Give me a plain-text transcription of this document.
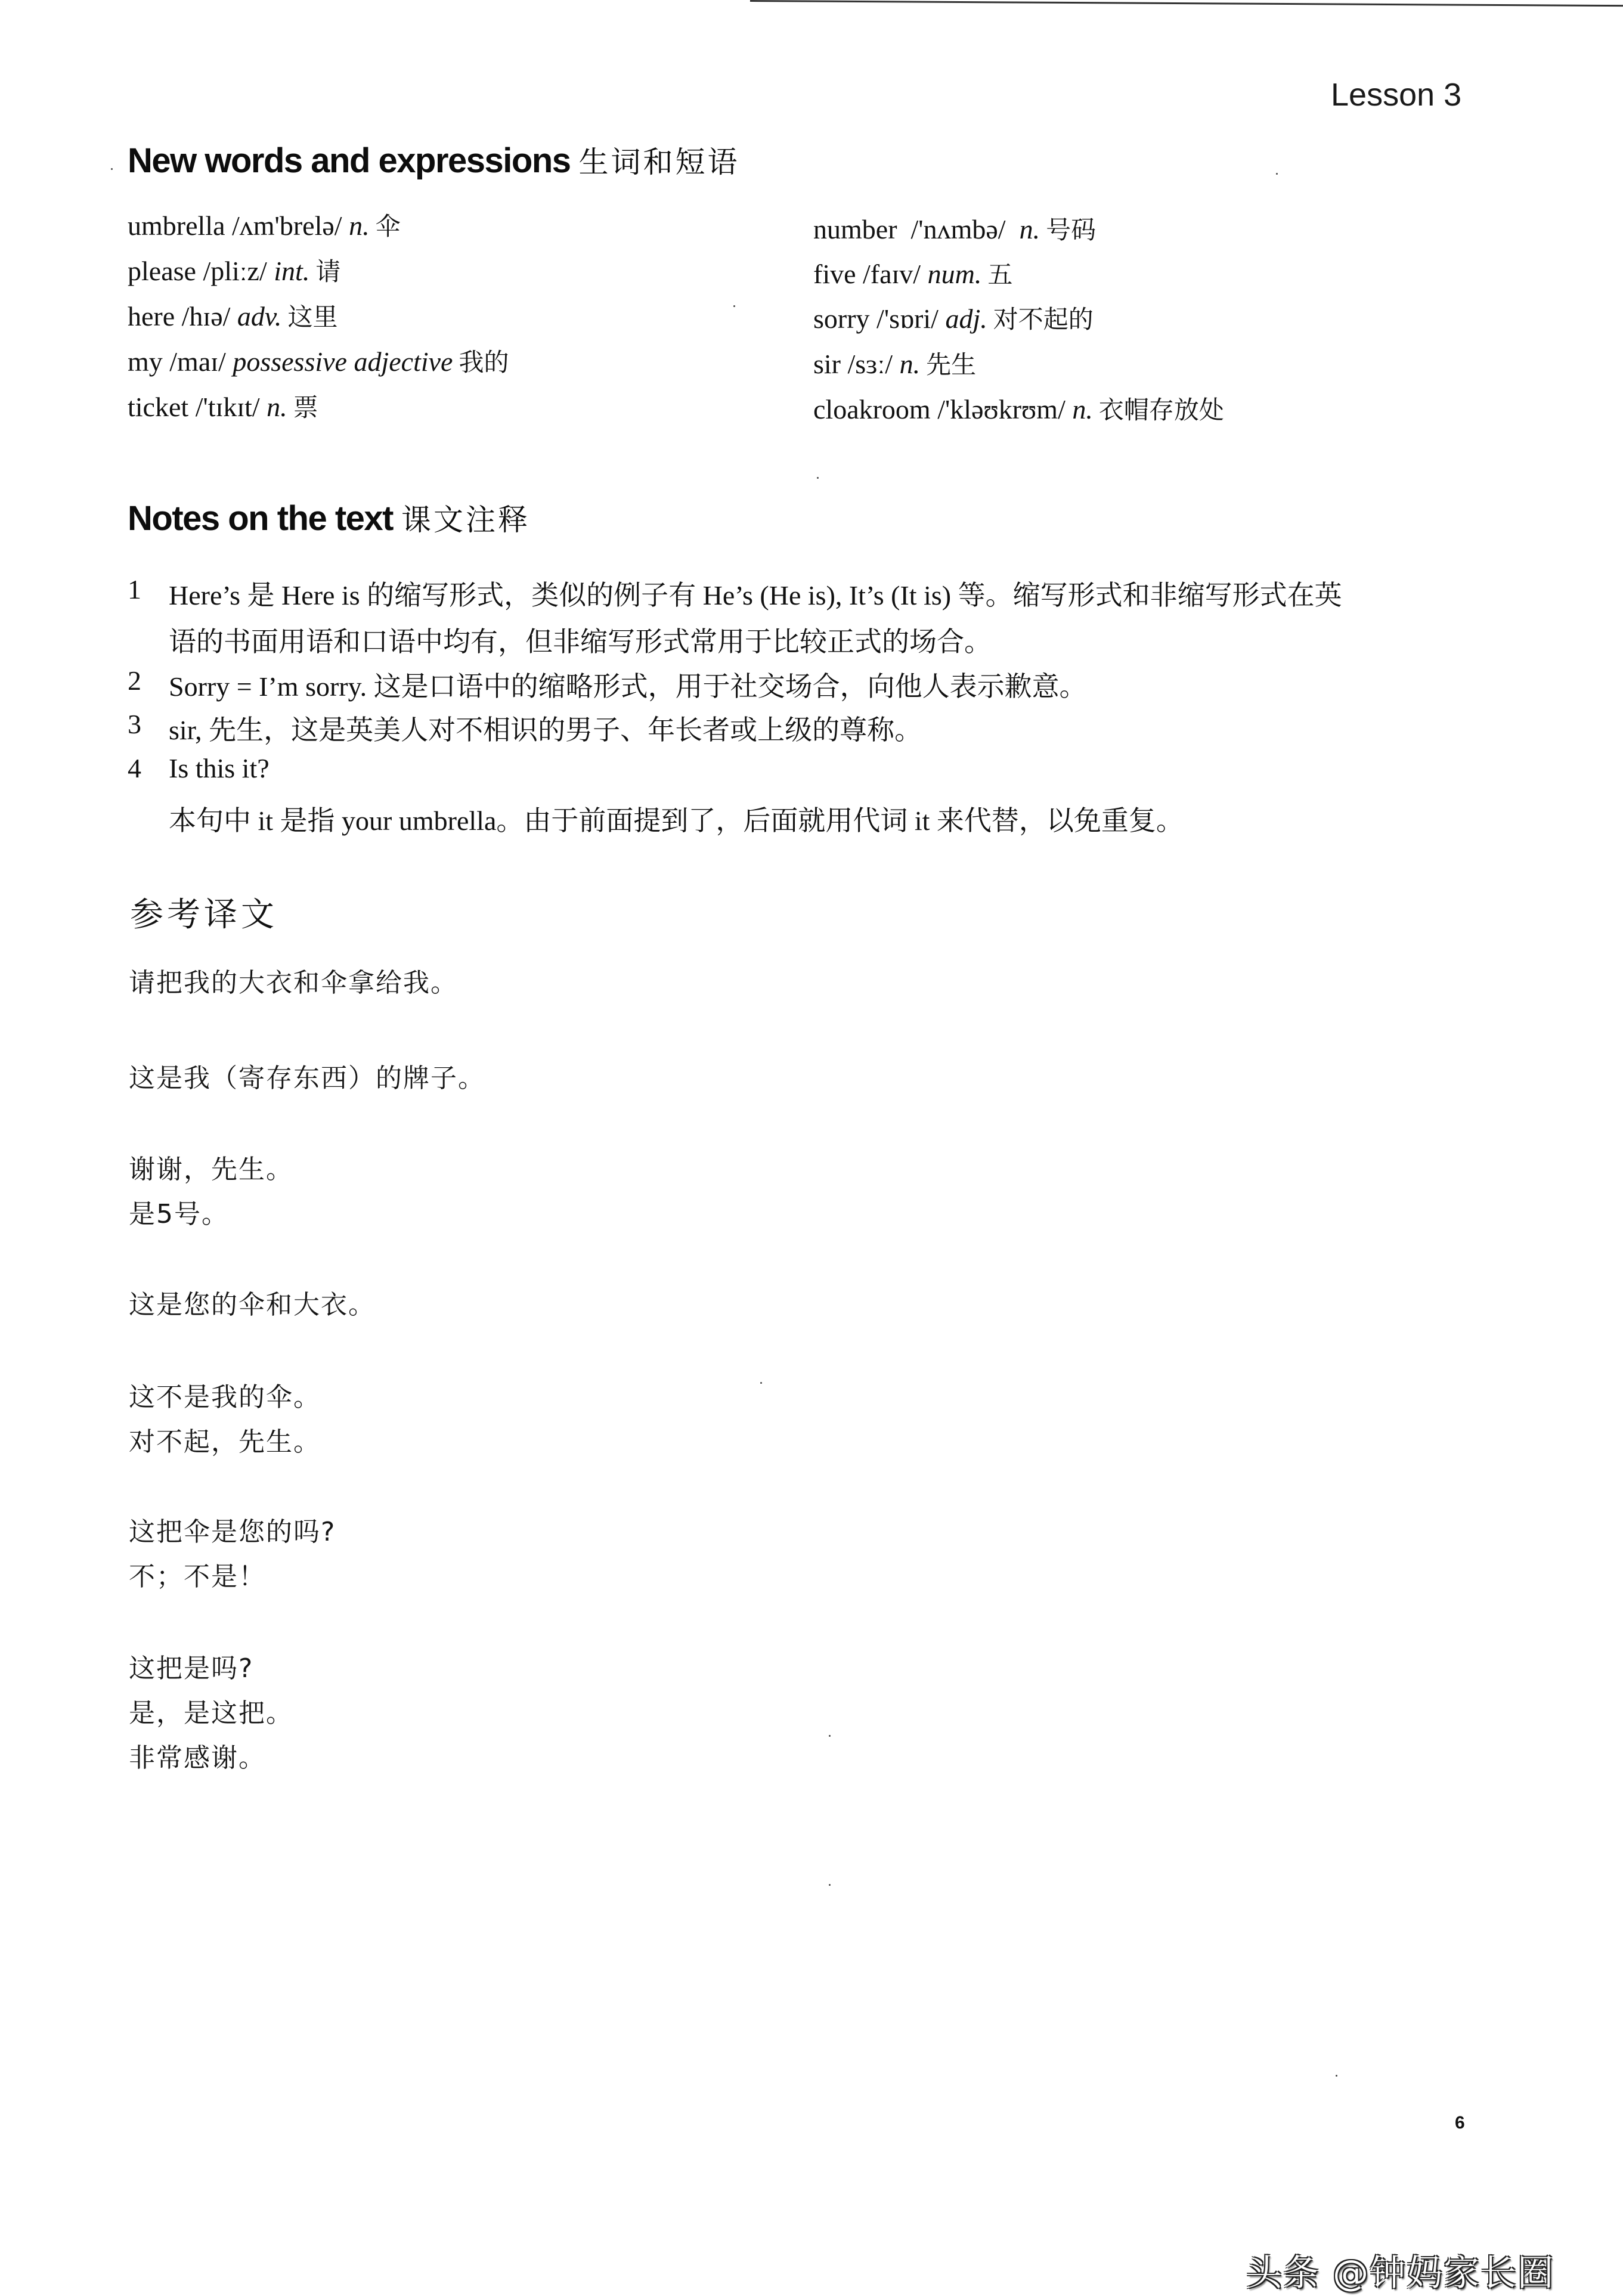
Lesson 3
New words and expressions 生词和短语
umbrella /ʌm'brelə/ n. 伞
please /pliːz/ int. 请
here /hɪə/ adv. 这里
my /maɪ/ possessive adjective 我的
ticket /'tɪkɪt/ n. 票
number /'nʌmbə/ n. 号码
five /faɪv/ num. 五
sorry /'sɒri/ adj. 对不起的
sir /sɜː/ n. 先生
cloakroom /'kləʊkrʊm/ n. 衣帽存放处
Notes on the text 课文注释
1 Here’s 是 Here is 的缩写形式，类似的例子有 He’s (He is), It’s (It is) 等。缩写形式和非缩写形式在英
语的书面用语和口语中均有，但非缩写形式常用于比较正式的场合。
2 Sorry = I’m sorry. 这是口语中的缩略形式，用于社交场合，向他人表示歉意。
3 sir, 先生，这是英美人对不相识的男子、年长者或上级的尊称。
4 Is this it?
本句中 it 是指 your umbrella。由于前面提到了，后面就用代词 it 来代替，以免重复。
参考译文
请把我的大衣和伞拿给我。
这是我（寄存东西）的牌子。
谢谢，先生。
是5号。
这是您的伞和大衣。
这不是我的伞。
对不起，先生。
这把伞是您的吗?
不；不是！
这把是吗?
是，是这把。
非常感谢。
6
头条 @钟妈家长圈
